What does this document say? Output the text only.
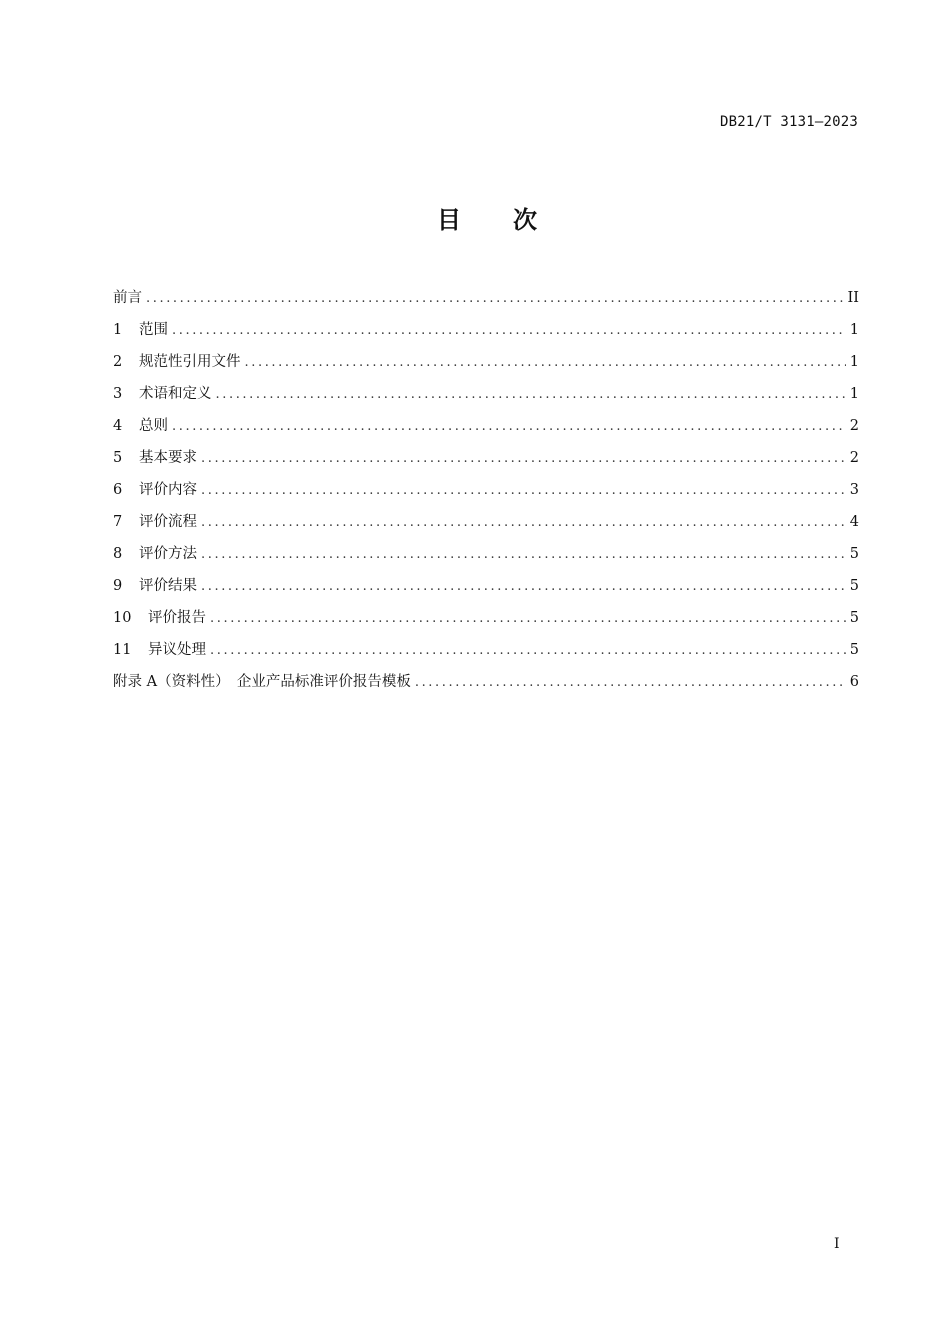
DB21/T 3131—2023
目 次
前言 .....	II
1	范围 .....	1
2	规范性引用文件 .....	1
3	术语和定义 .....	1
4	总则 .....	2
5	基本要求 .....	2
6	评价内容 .....	3
7	评价流程 .....	4
8	评价方法 .....	5
9	评价结果 .....	5
10	评价报告 .....	5
11	异议处理 .....	5
附录 A（资料性）　企业产品标准评价报告模板 .....	6
I
